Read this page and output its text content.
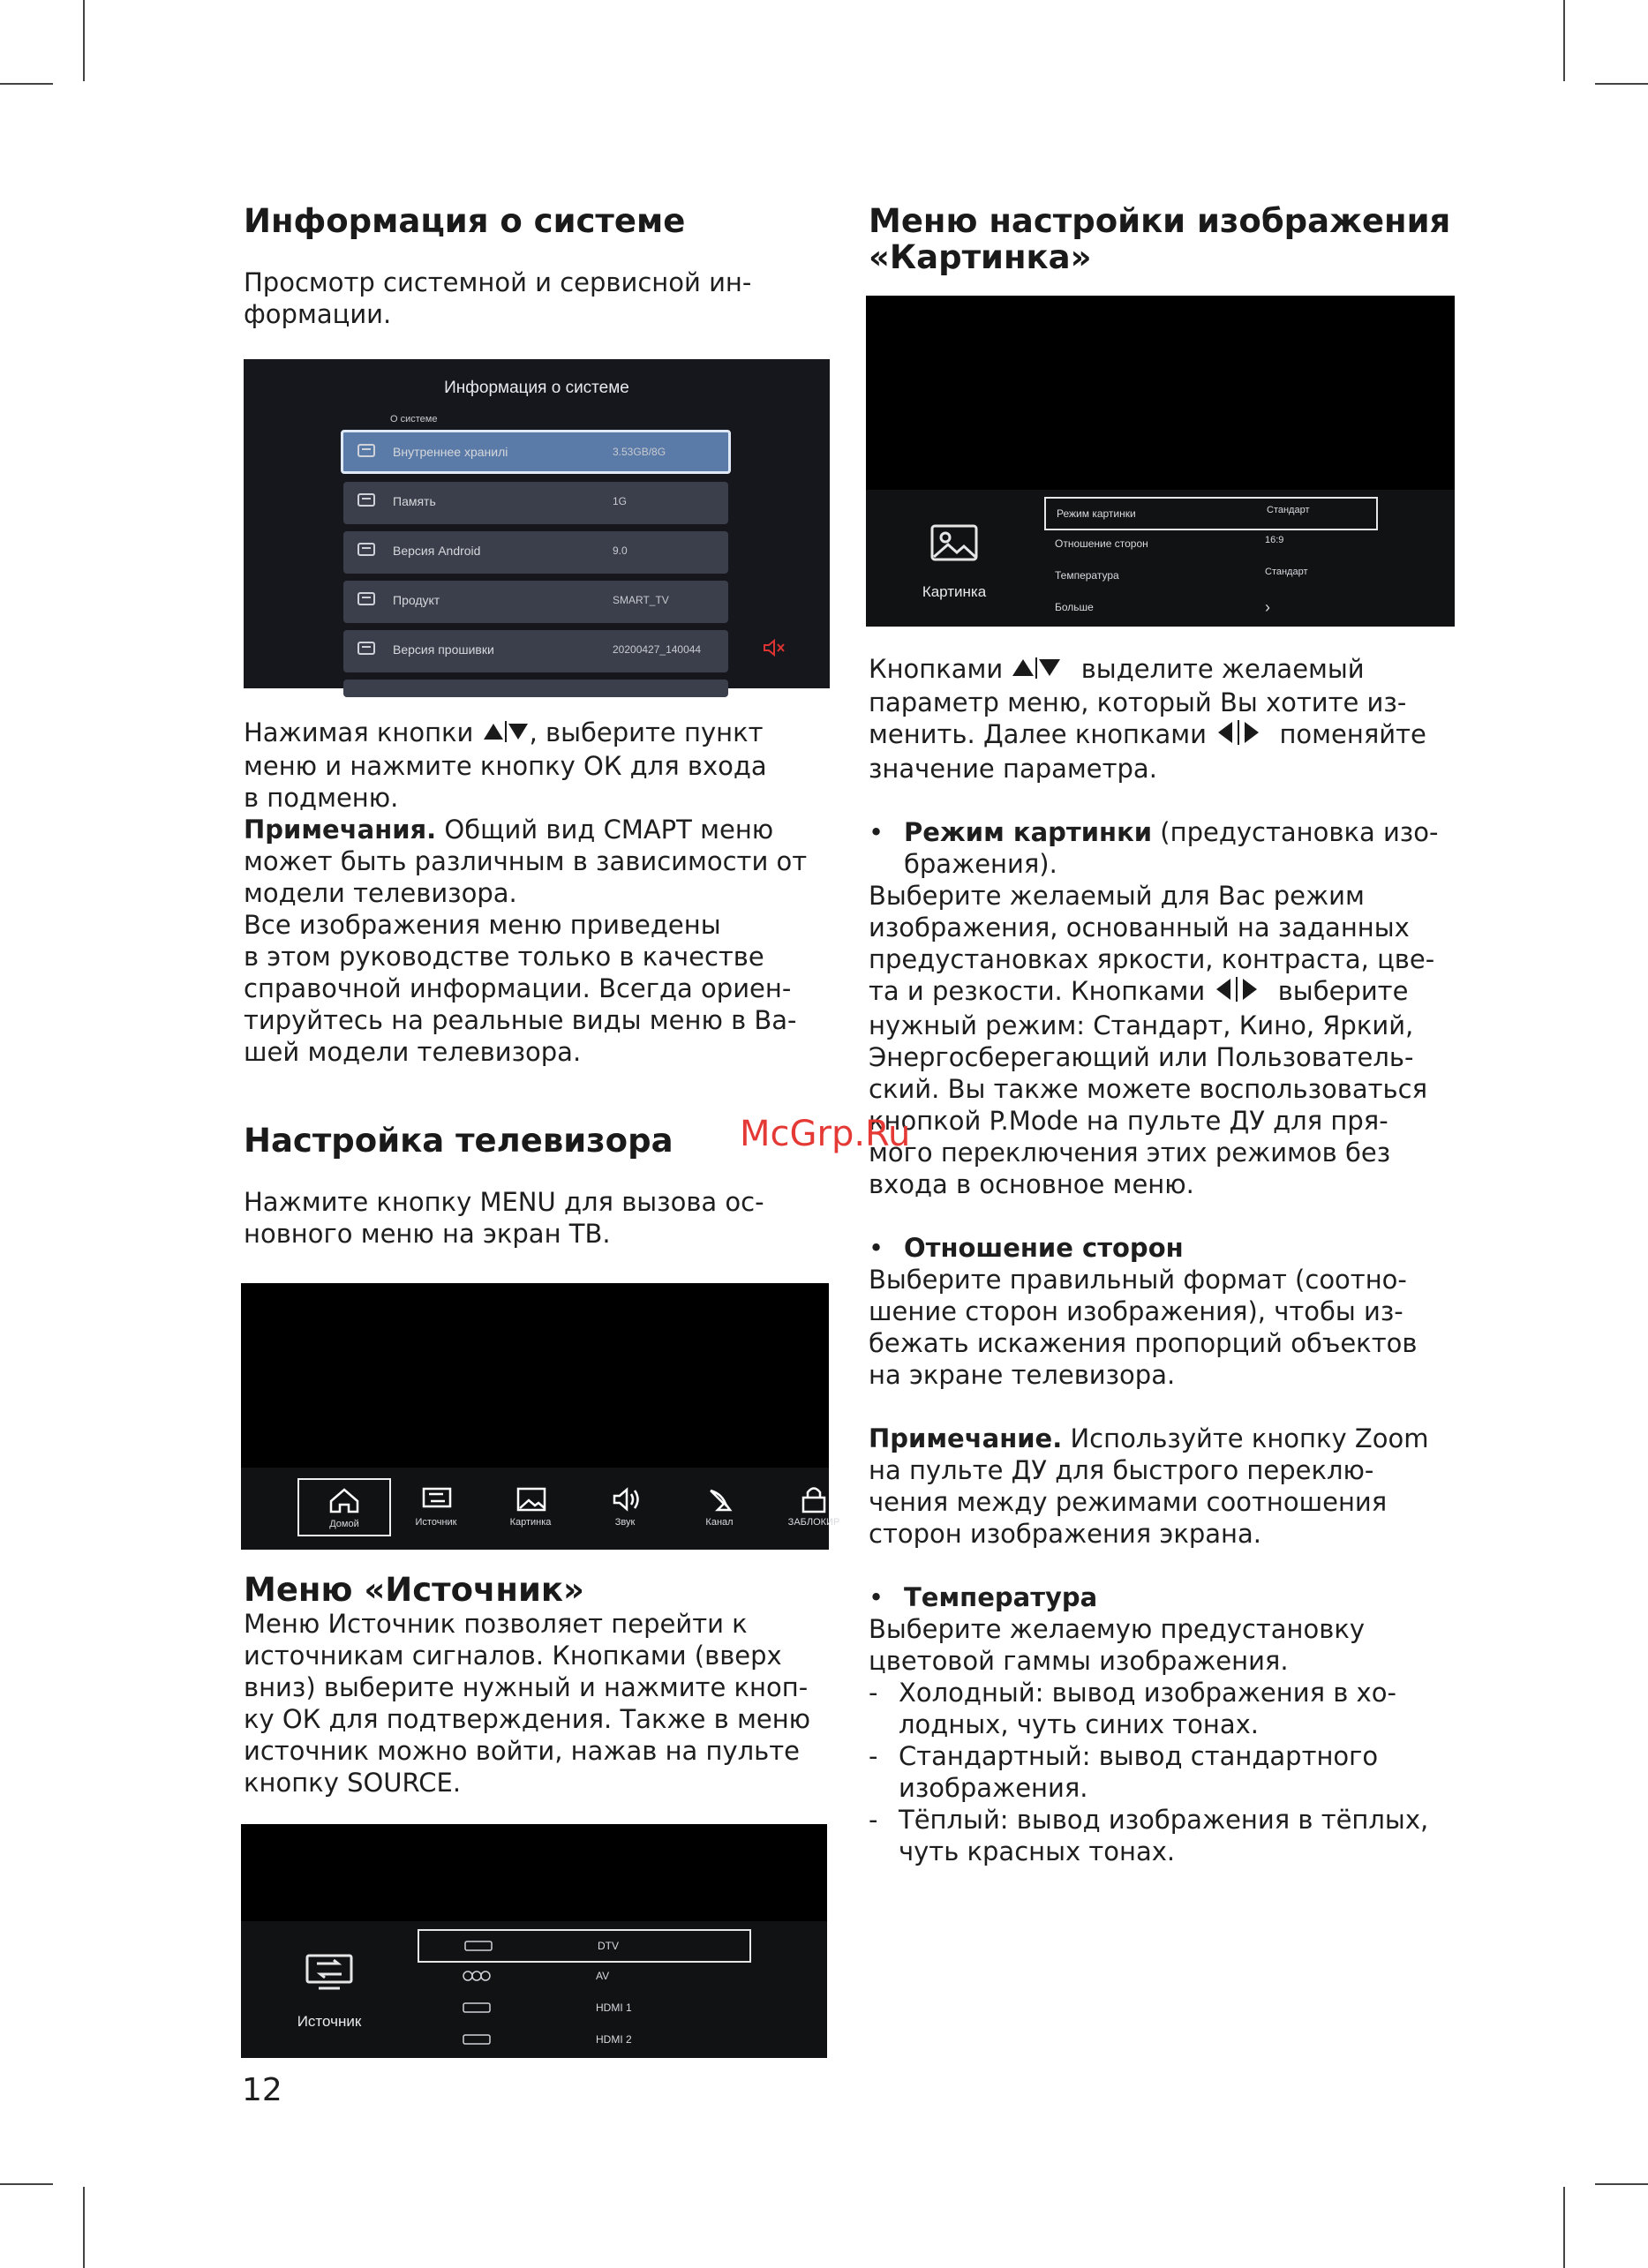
Информация о системе

Просмотр системной и сервисной ин-

формации.

Информация о системе
О системе
Внутреннее хранилі	3.53GB/8G
Память	1G
Версия Android	9.0
Продукт	SMART_TV
Версия прошивки	20200427_140044

Нажимая кнопки , выберите пункт

меню и нажмите кнопку ОК для входа

в подменю.

Примечания. Общий вид СМАРТ меню

может быть различным в зависимости от

модели телевизора.

Все изображения меню приведены

в этом руководстве только в качестве

справочной информации. Всегда ориен-

тируйтесь на реальные виды меню в Ва-

шей модели телевизора.

Настройка телевизора

Нажмите кнопку MENU для вызова ос-

новного меню на экран ТВ.

Домой	Источник	Картинка	Звук	Канал	ЗАБЛОКИР
Меню «Источник»

Меню Источник позволяет перейти к

источникам сигналов. Кнопками (вверх

вниз) выберите нужный и нажмите кноп-

ку ОК для подтверждения. Также в меню

источник можно войти, нажав на пульте

кнопку SOURCE.

Источник
DTV
AV
HDMI 1
HDMI 2
12
Меню настройки изображения
«Картинка»
Картинка
Режим картинки	Стандарт
Отношение сторон	16:9
Температура	Стандарт
Больше	›

Кнопками  выделите желаемый

параметр меню, который Вы хотите из-

менить. Далее кнопками  поменяйте

значение параметра.

• Режим картинки (предустановка изо-

бражения).

Выберите желаемый для Вас режим

изображения, основанный на заданных

предустановках яркости, контраста, цве-

та и резкости. Кнопками  выберите

нужный режим: Стандарт, Кино, Яркий,

Энергосберегающий или Пользователь-

ский. Вы также можете воспользоваться

кнопкой P.Mode на пульте ДУ для пря-

мого переключения этих режимов без

входа в основное меню.

• Отношение сторон

Выберите правильный формат (соотно-

шение сторон изображения), чтобы из-

бежать искажения пропорций объектов

на экране телевизора.

Примечание. Используйте кнопку Zoom

на пульте ДУ для быстрого переклю-

чения между режимами соотношения

сторон изображения экрана.

• Температура

Выберите желаемую предустановку

цветовой гаммы изображения.

- Холодный: вывод изображения в хо-
лодных, чуть синих тонах.
- Стандартный: вывод стандартного
изображения.
- Тёплый: вывод изображения в тёплых,
чуть красных тонах.
McGrp.Ru
